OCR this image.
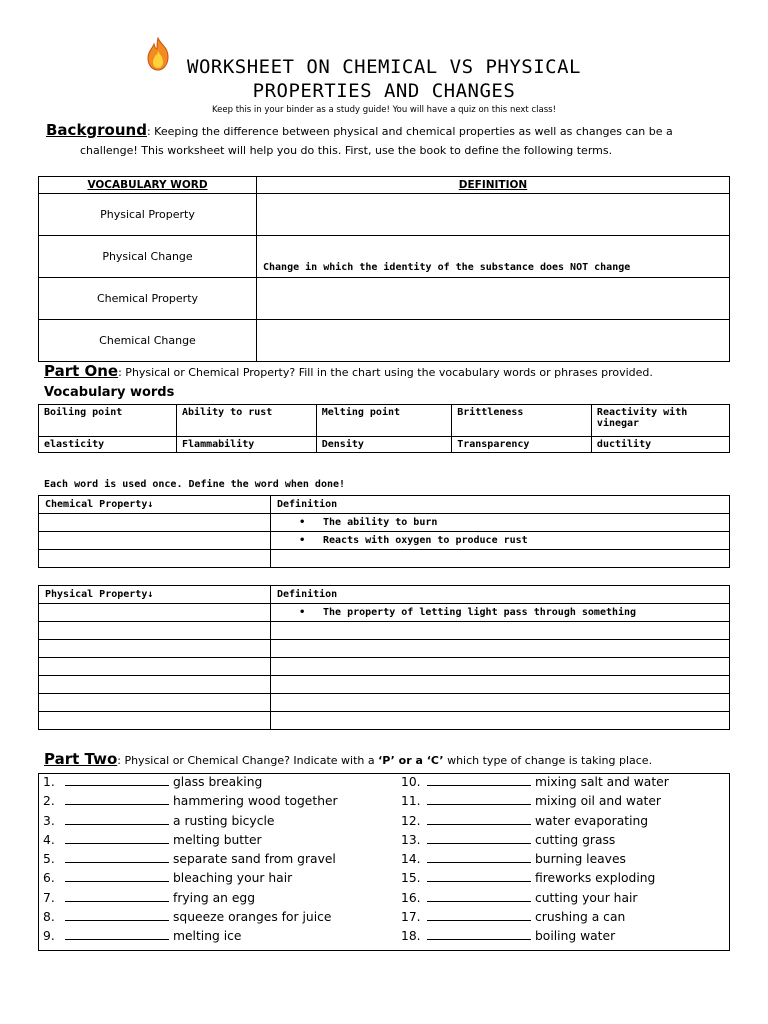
WORKSHEET ON CHEMICAL VS PHYSICAL
PROPERTIES AND CHANGES
Keep this in your binder as a study guide! You will have a quiz on this next class!
Background: Keeping the difference between physical and chemical properties as well as changes can be a
challenge! This worksheet will help you do this. First, use the book to define the following terms.
VOCABULARY WORD	DEFINITION
Physical Property	
Physical Change	Change in which the identity of the substance does NOT change
Chemical Property	
Chemical Change	
Part One: Physical or Chemical Property? Fill in the chart using the vocabulary words or phrases provided.
Vocabulary words
Boiling point	Ability to rust	Melting point	Brittleness	Reactivity with vinegar
elasticity	Flammability	Density	Transparency	ductility
Each word is used once. Define the word when done!
Chemical Property↓	Definition
	• The ability to burn
	• Reacts with oxygen to produce rust

Physical Property↓	Definition
	• The property of letting light pass through something

Part Two: Physical or Chemical Change? Indicate with a ‘P’ or a ‘C’ which type of change is taking place.
1.	glass breaking
2.	hammering wood together
3.	a rusting bicycle
4.	melting butter
5.	separate sand from gravel
6.	bleaching your hair
7.	frying an egg
8.	squeeze oranges for juice
9.	melting ice
10.	mixing salt and water
11.	mixing oil and water
12.	water evaporating
13.	cutting grass
14.	burning leaves
15.	fireworks exploding
16.	cutting your hair
17.	crushing a can
18.	boiling water
